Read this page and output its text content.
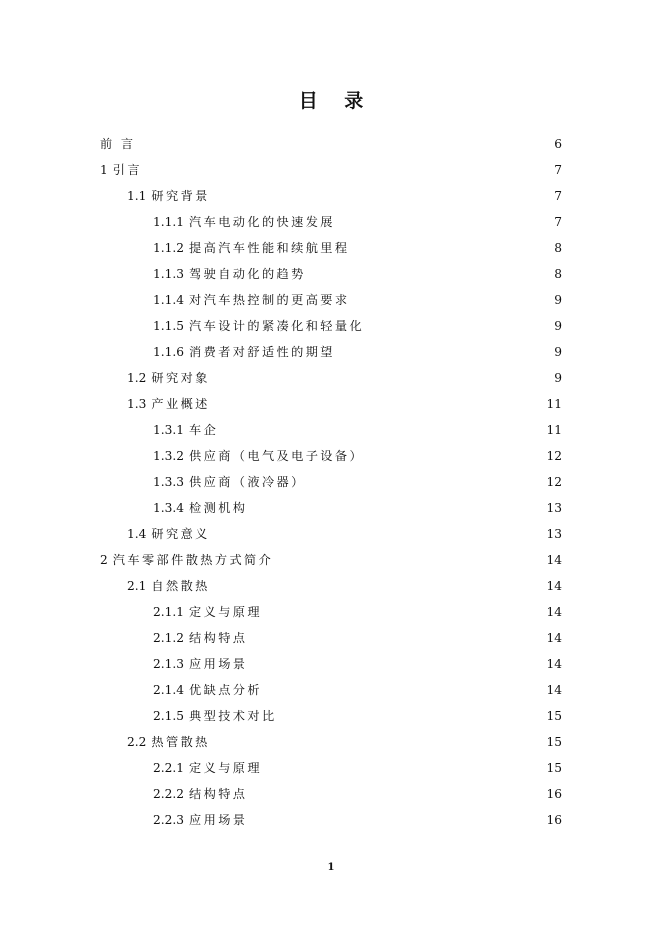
目 录
前 言	6
1 引言	7
1.1 研究背景	7
1.1.1 汽车电动化的快速发展	7
1.1.2 提高汽车性能和续航里程	8
1.1.3 驾驶自动化的趋势	8
1.1.4 对汽车热控制的更高要求	9
1.1.5 汽车设计的紧凑化和轻量化	9
1.1.6 消费者对舒适性的期望	9
1.2 研究对象	9
1.3 产业概述	11
1.3.1 车企	11
1.3.2 供应商（电气及电子设备）	12
1.3.3 供应商（液冷器）	12
1.3.4 检测机构	13
1.4 研究意义	13
2 汽车零部件散热方式简介	14
2.1 自然散热	14
2.1.1 定义与原理	14
2.1.2 结构特点	14
2.1.3 应用场景	14
2.1.4 优缺点分析	14
2.1.5 典型技术对比	15
2.2 热管散热	15
2.2.1 定义与原理	15
2.2.2 结构特点	16
2.2.3 应用场景	16
1
